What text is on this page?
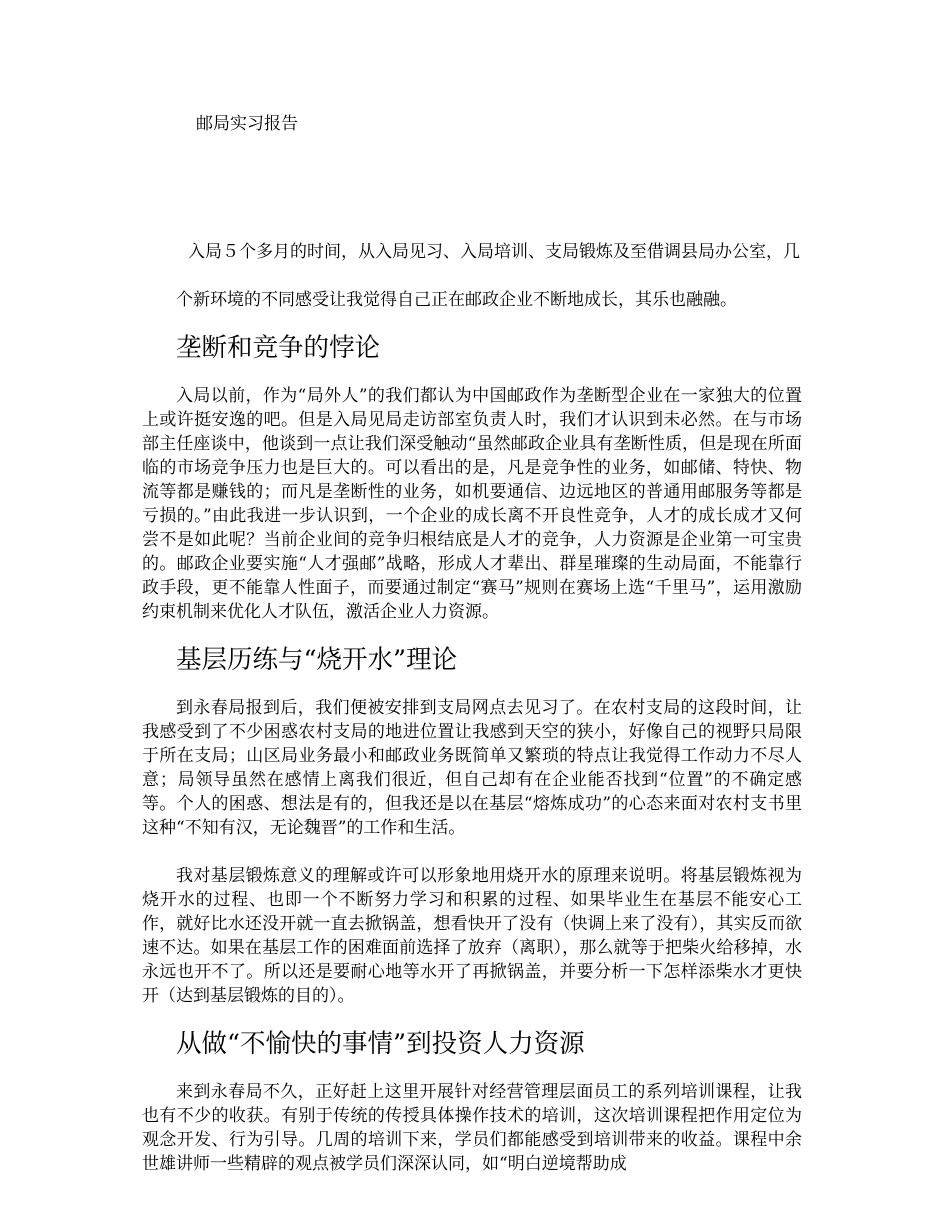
邮局实习报告

入局５个多月的时间，从入局见习、入局培训、支局锻炼及至借调县局办公室，几

个新环境的不同感受让我觉得自己正在邮政企业不断地成长，其乐也融融。

垄断和竞争的悖论

入局以前，作为“局外人”的我们都认为中国邮政作为垄断型企业在一家独大的位置上或许挺安逸的吧。但是入局见局走访部室负责人时，我们才认识到未必然。在与市场部主任座谈中，他谈到一点让我们深受触动“虽然邮政企业具有垄断性质，但是现在所面临的市场竞争压力也是巨大的。可以看出的是，凡是竞争性的业务，如邮储、特快、物流等都是赚钱的；而凡是垄断性的业务，如机要通信、边远地区的普通用邮服务等都是亏损的。”由此我进一步认识到，一个企业的成长离不开良性竞争，人才的成长成才又何尝不是如此呢？当前企业间的竞争归根结底是人才的竞争，人力资源是企业第一可宝贵的。邮政企业要实施“人才强邮”战略，形成人才辈出、群星璀璨的生动局面，不能靠行政手段，更不能靠人性面子，而要通过制定“赛马”规则在赛场上选“千里马”，运用激励约束机制来优化人才队伍，激活企业人力资源。

基层历练与“烧开水”理论

到永春局报到后，我们便被安排到支局网点去见习了。在农村支局的这段时间，让我感受到了不少困惑农村支局的地进位置让我感到天空的狭小，好像自己的视野只局限于所在支局；山区局业务最小和邮政业务既简单又繁琐的特点让我觉得工作动力不尽人意；局领导虽然在感情上离我们很近，但自己却有在企业能否找到“位置”的不确定感等。个人的困惑、想法是有的，但我还是以在基层“熔炼成功”的心态来面对农村支书里这种“不知有汉，无论魏晋”的工作和生活。

我对基层锻炼意义的理解或许可以形象地用烧开水的原理来说明。将基层锻炼视为烧开水的过程、也即一个不断努力学习和积累的过程、如果毕业生在基层不能安心工作，就好比水还没开就一直去掀锅盖，想看快开了没有（快调上来了没有），其实反而欲速不达。如果在基层工作的困难面前选择了放弃（离职），那么就等于把柴火给移掉，水永远也开不了。所以还是要耐心地等水开了再掀锅盖，并要分析一下怎样添柴水才更快开（达到基层锻炼的目的）。

从做“不愉快的事情”到投资人力资源

来到永春局不久，正好赶上这里开展针对经营管理层面员工的系列培训课程，让我也有不少的收获。有别于传统的传授具体操作技术的培训，这次培训课程把作用定位为观念开发、行为引导。几周的培训下来，学员们都能感受到培训带来的收益。课程中余世雄讲师一些精辟的观点被学员们深深认同，如“明白逆境帮助成
